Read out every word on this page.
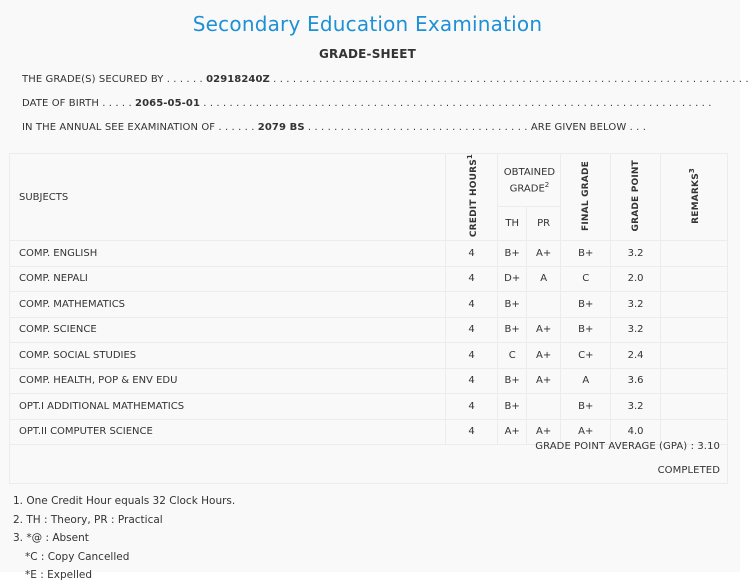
Secondary Education Examination
GRADE-SHEET
THE GRADE(S) SECURED BY . . . . . . 02918240Z . . . . . . . . . . . . . . . . . . . . . . . . . . . . . . . . . . . . . . . . . . . . . . . . . . . . . . . . . . . . . . . . . . . . . . . . .
DATE OF BIRTH . . . . . 2065-05-01 . . . . . . . . . . . . . . . . . . . . . . . . . . . . . . . . . . . . . . . . . . . . . . . . . . . . . . . . . . . . . . . . . . . . . . . . . . . . . .
IN THE ANNUAL SEE EXAMINATION OF . . . . . . 2079 BS . . . . . . . . . . . . . . . . . . . . . . . . . . . . . . . . . . ARE GIVEN BELOW . . .
SUBJECTS	CREDIT HOURS$^1$	OBTAINED GRADE$^2$		FINAL GRADE	GRADE POINT	REMARKS$^3$
		TH	PR			
COMP. ENGLISH	4	B+	A+	B+	3.2	
COMP. NEPALI	4	D+	A	C	2.0	
COMP. MATHEMATICS	4	B+		B+	3.2	
COMP. SCIENCE	4	B+	A+	B+	3.2	
COMP. SOCIAL STUDIES	4	C	A+	C+	2.4	
COMP. HEALTH, POP & ENV EDU	4	B+	A+	A	3.6	
OPT.I ADDITIONAL MATHEMATICS	4	B+		B+	3.2	
OPT.II COMPUTER SCIENCE	4	A+	A+	A+	4.0	
GRADE POINT AVERAGE (GPA) : 3.10
COMPLETED
1. One Credit Hour equals 32 Clock Hours.
2. TH : Theory, PR : Practical
3. *@ : Absent
*C : Copy Cancelled
*E : Expelled
